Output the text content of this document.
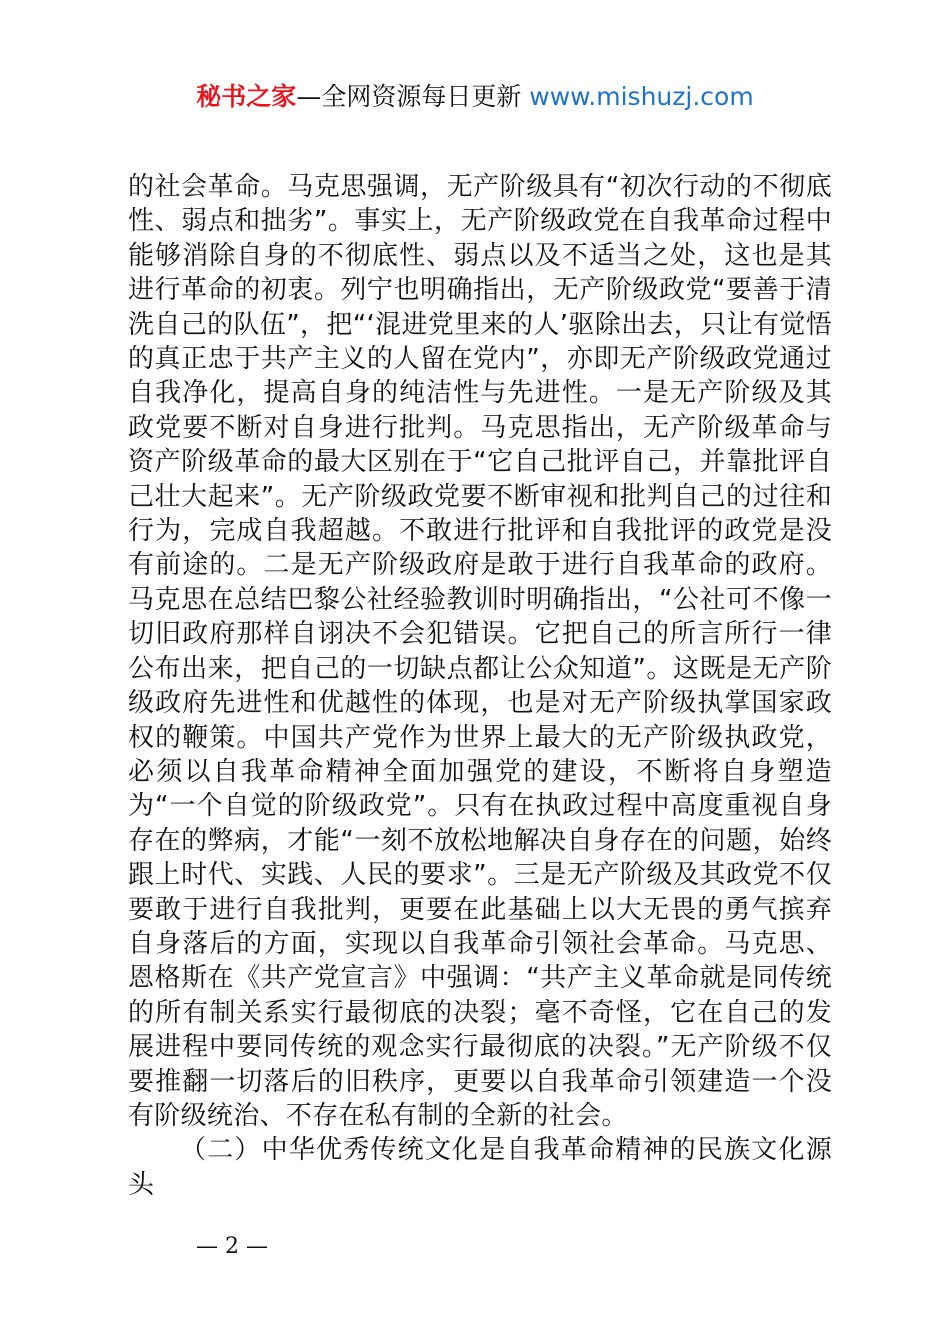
秘书之家—全网资源每日更新 www.mishuzj.com

的社会革命。马克思强调，无产阶级具有“初次行动的不彻底性、弱点和拙劣”。事实上，无产阶级政党在自我革命过程中能够消除自身的不彻底性、弱点以及不适当之处，这也是其进行革命的初衷。列宁也明确指出，无产阶级政党“要善于清洗自己的队伍”，把“‘混进党里来的人’驱除出去，只让有觉悟的真正忠于共产主义的人留在党内”，亦即无产阶级政党通过自我净化，提高自身的纯洁性与先进性。一是无产阶级及其政党要不断对自身进行批判。马克思指出，无产阶级革命与资产阶级革命的最大区别在于“它自己批评自己，并靠批评自己壮大起来”。无产阶级政党要不断审视和批判自己的过往和行为，完成自我超越。不敢进行批评和自我批评的政党是没有前途的。二是无产阶级政府是敢于进行自我革命的政府。马克思在总结巴黎公社经验教训时明确指出，“公社可不像一切旧政府那样自诩决不会犯错误。它把自己的所言所行一律公布出来，把自己的一切缺点都让公众知道”。这既是无产阶级政府先进性和优越性的体现，也是对无产阶级执掌国家政权的鞭策。中国共产党作为世界上最大的无产阶级执政党，必须以自我革命精神全面加强党的建设，不断将自身塑造为“一个自觉的阶级政党”。只有在执政过程中高度重视自身存在的弊病，才能“一刻不放松地解决自身存在的问题，始终跟上时代、实践、人民的要求”。三是无产阶级及其政党不仅要敢于进行自我批判，更要在此基础上以大无畏的勇气摈弃自身落后的方面，实现以自我革命引领社会革命。马克思、恩格斯在《共产党宣言》中强调：“共产主义革命就是同传统的所有制关系实行最彻底的决裂；毫不奇怪，它在自己的发展进程中要同传统的观念实行最彻底的决裂。”无产阶级不仅要推翻一切落后的旧秩序，更要以自我革命引领建造一个没有阶级统治、不存在私有制的全新的社会。

（二）中华优秀传统文化是自我革命精神的民族文化源头

— 2 —
